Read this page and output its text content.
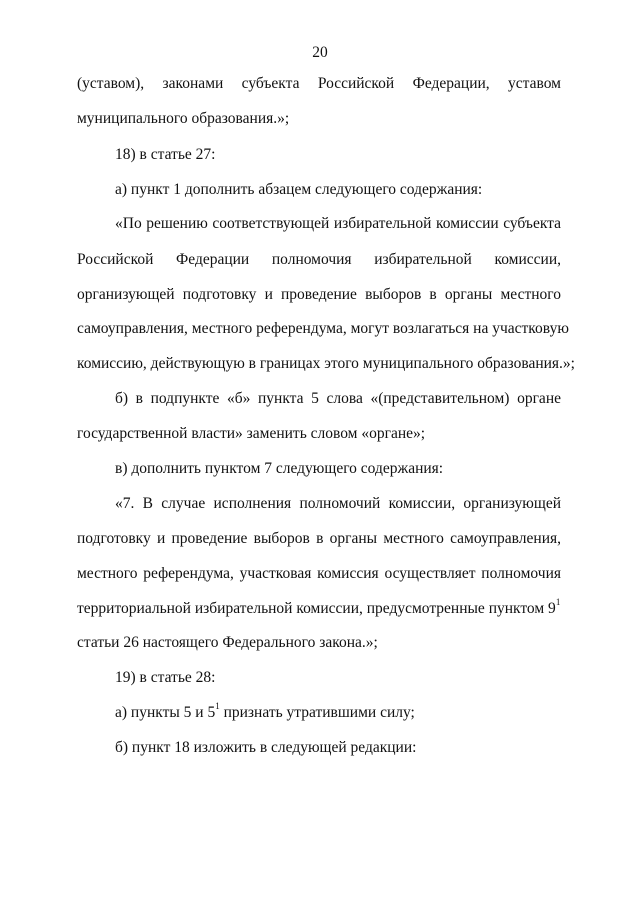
20
(уставом), законами субъекта Российской Федерации, уставом
муниципального образования.»;
18) в статье 27:
а) пункт 1 дополнить абзацем следующего содержания:
«По решению соответствующей избирательной комиссии субъекта
Российской Федерации полномочия избирательной комиссии,
организующей подготовку и проведение выборов в органы местного
самоуправления, местного референдума, могут возлагаться на участковую
комиссию, действующую в границах этого муниципального образования.»;
б) в подпункте «б» пункта 5 слова «(представительном) органе
государственной власти» заменить словом «органе»;
в) дополнить пунктом 7 следующего содержания:
«7. В случае исполнения полномочий комиссии, организующей
подготовку и проведение выборов в органы местного самоуправления,
местного референдума, участковая комиссия осуществляет полномочия
территориальной избирательной комиссии, предусмотренные пунктом $9^1$
статьи 26 настоящего Федерального закона.»;
19) в статье 28:
а) пункты 5 и $5^1$ признать утратившими силу;
б) пункт 18 изложить в следующей редакции:
